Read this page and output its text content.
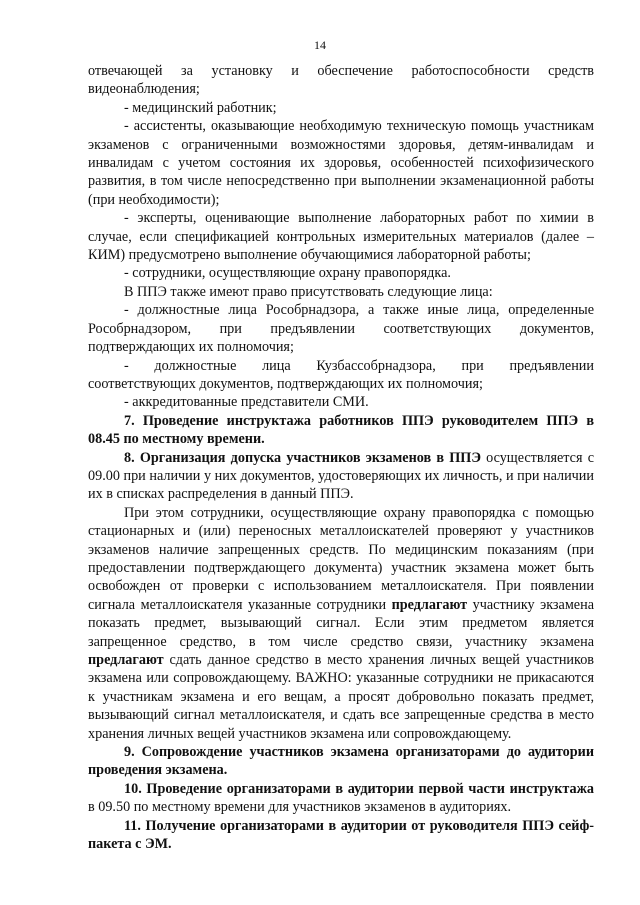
14

отвечающей за установку и обеспечение работоспособности средств видеонаблюдения;

- медицинский работник;

- ассистенты, оказывающие необходимую техническую помощь участникам экзаменов с ограниченными возможностями здоровья, детям-инвалидам и инвалидам с учетом состояния их здоровья, особенностей психофизического развития, в том числе непосредственно при выполнении экзаменационной работы (при необходимости);

- эксперты, оценивающие выполнение лабораторных работ по химии в случае, если спецификацией контрольных измерительных материалов (далее – КИМ) предусмотрено выполнение обучающимися лабораторной работы;

- сотрудники, осуществляющие охрану правопорядка.

В ППЭ также имеют право присутствовать следующие лица:

- должностные лица Рособрнадзора, а также иные лица, определенные Рособрнадзором, при предъявлении соответствующих документов, подтверждающих их полномочия;

- должностные лица Кузбассобрнадзора, при предъявлении соответствующих документов, подтверждающих их полномочия;

- аккредитованные представители СМИ.

7. Проведение инструктажа работников ППЭ руководителем ППЭ в 08.45 по местному времени.

8. Организация допуска участников экзаменов в ППЭ осуществляется с 09.00 при наличии у них документов, удостоверяющих их личность, и при наличии их в списках распределения в данный ППЭ.

При этом сотрудники, осуществляющие охрану правопорядка с помощью стационарных и (или) переносных металлоискателей проверяют у участников экзаменов наличие запрещенных средств. По медицинским показаниям (при предоставлении подтверждающего документа) участник экзамена может быть освобожден от проверки с использованием металлоискателя. При появлении сигнала металлоискателя указанные сотрудники предлагают участнику экзамена показать предмет, вызывающий сигнал. Если этим предметом является запрещенное средство, в том числе средство связи, участнику экзамена предлагают сдать данное средство в место хранения личных вещей участников экзамена или сопровождающему. ВАЖНО: указанные сотрудники не прикасаются к участникам экзамена и его вещам, а просят добровольно показать предмет, вызывающий сигнал металлоискателя, и сдать все запрещенные средства в место хранения личных вещей участников экзамена или сопровождающему.

9. Сопровождение участников экзамена организаторами до аудитории проведения экзамена.

10. Проведение организаторами в аудитории первой части инструктажа в 09.50 по местному времени для участников экзаменов в аудиториях.

11. Получение организаторами в аудитории от руководителя ППЭ сейф-пакета с ЭМ.
